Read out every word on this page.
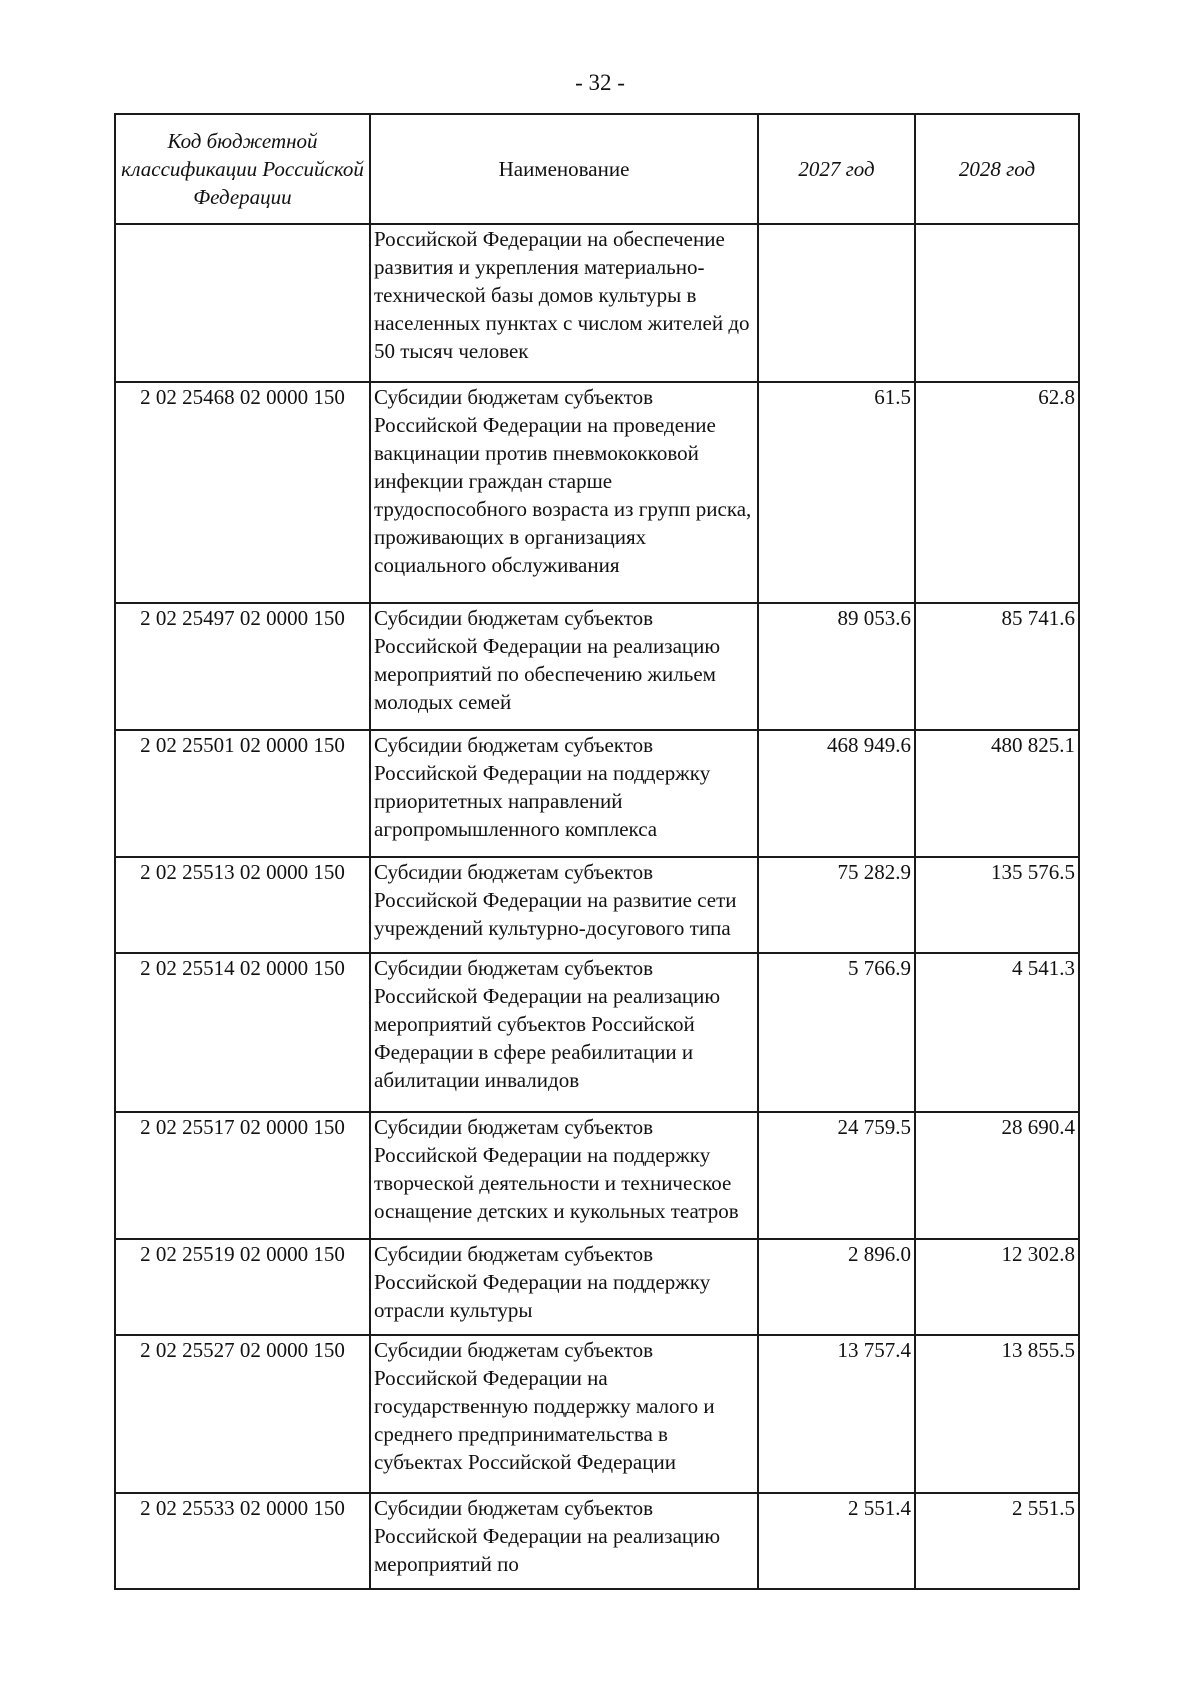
- 32 -
Код бюджетной классификации Российской Федерации	Наименование	2027 год	2028 год
	Российской Федерации на обеспечение развития и укрепления материально-технической базы домов культуры в населенных пунктах с числом жителей до 50 тысяч человек		
2 02 25468 02 0000 150	Субсидии бюджетам субъектов Российской Федерации на проведение вакцинации против пневмококковой инфекции граждан старше трудоспособного возраста из групп риска, проживающих в организациях социального обслуживания	61.5	62.8
2 02 25497 02 0000 150	Субсидии бюджетам субъектов Российской Федерации на реализацию мероприятий по обеспечению жильем молодых семей	89 053.6	85 741.6
2 02 25501 02 0000 150	Субсидии бюджетам субъектов Российской Федерации на поддержку приоритетных направлений агропромышленного комплекса	468 949.6	480 825.1
2 02 25513 02 0000 150	Субсидии бюджетам субъектов Российской Федерации на развитие сети учреждений культурно-досугового типа	75 282.9	135 576.5
2 02 25514 02 0000 150	Субсидии бюджетам субъектов Российской Федерации на реализацию мероприятий субъектов Российской Федерации в сфере реабилитации и абилитации инвалидов	5 766.9	4 541.3
2 02 25517 02 0000 150	Субсидии бюджетам субъектов Российской Федерации на поддержку творческой деятельности и техническое оснащение детских и кукольных театров	24 759.5	28 690.4
2 02 25519 02 0000 150	Субсидии бюджетам субъектов Российской Федерации на поддержку отрасли культуры	2 896.0	12 302.8
2 02 25527 02 0000 150	Субсидии бюджетам субъектов Российской Федерации на государственную поддержку малого и среднего предпринимательства в субъектах Российской Федерации	13 757.4	13 855.5
2 02 25533 02 0000 150	Субсидии бюджетам субъектов Российской Федерации на реализацию мероприятий по	2 551.4	2 551.5
